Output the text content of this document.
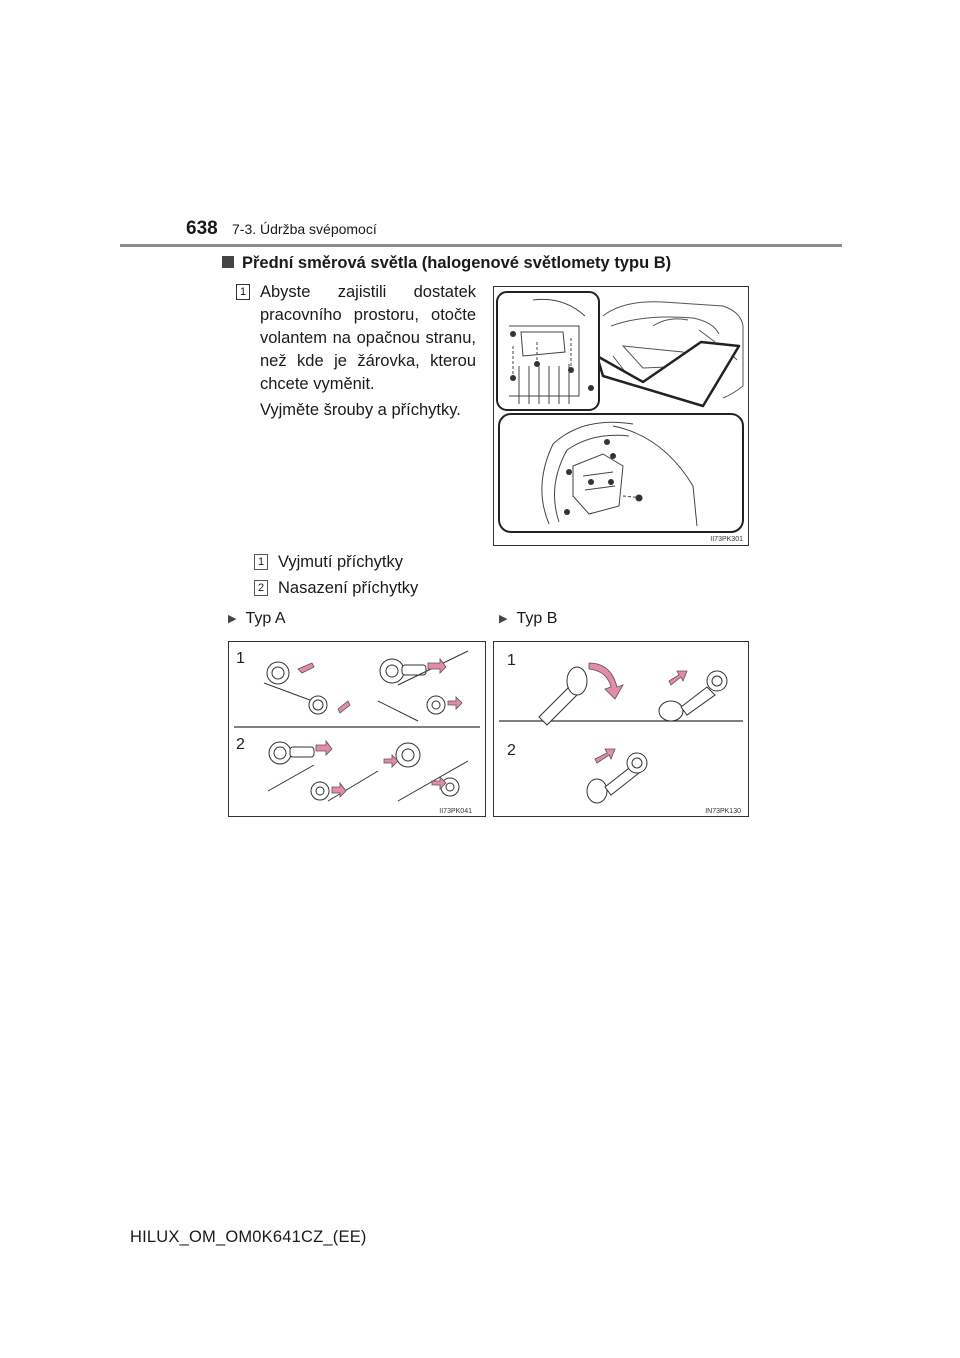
638 7-3. Údržba svépomocí
Přední směrová světla (halogenové světlomety typu B)
1 Abyste zajistili dostatek pracovního prostoru, otočte volantem na opačnou stranu, než kde je žárovka, kterou chcete vyměnit.
Vyjměte šrouby a příchytky.
II73PK301
1 Vyjmutí příchytky
2 Nasazení příchytky
▶ Typ A	▶ Typ B
1
2
II73PK041
1
2
IN73PK130
HILUX_OM_OM0K641CZ_(EE)
